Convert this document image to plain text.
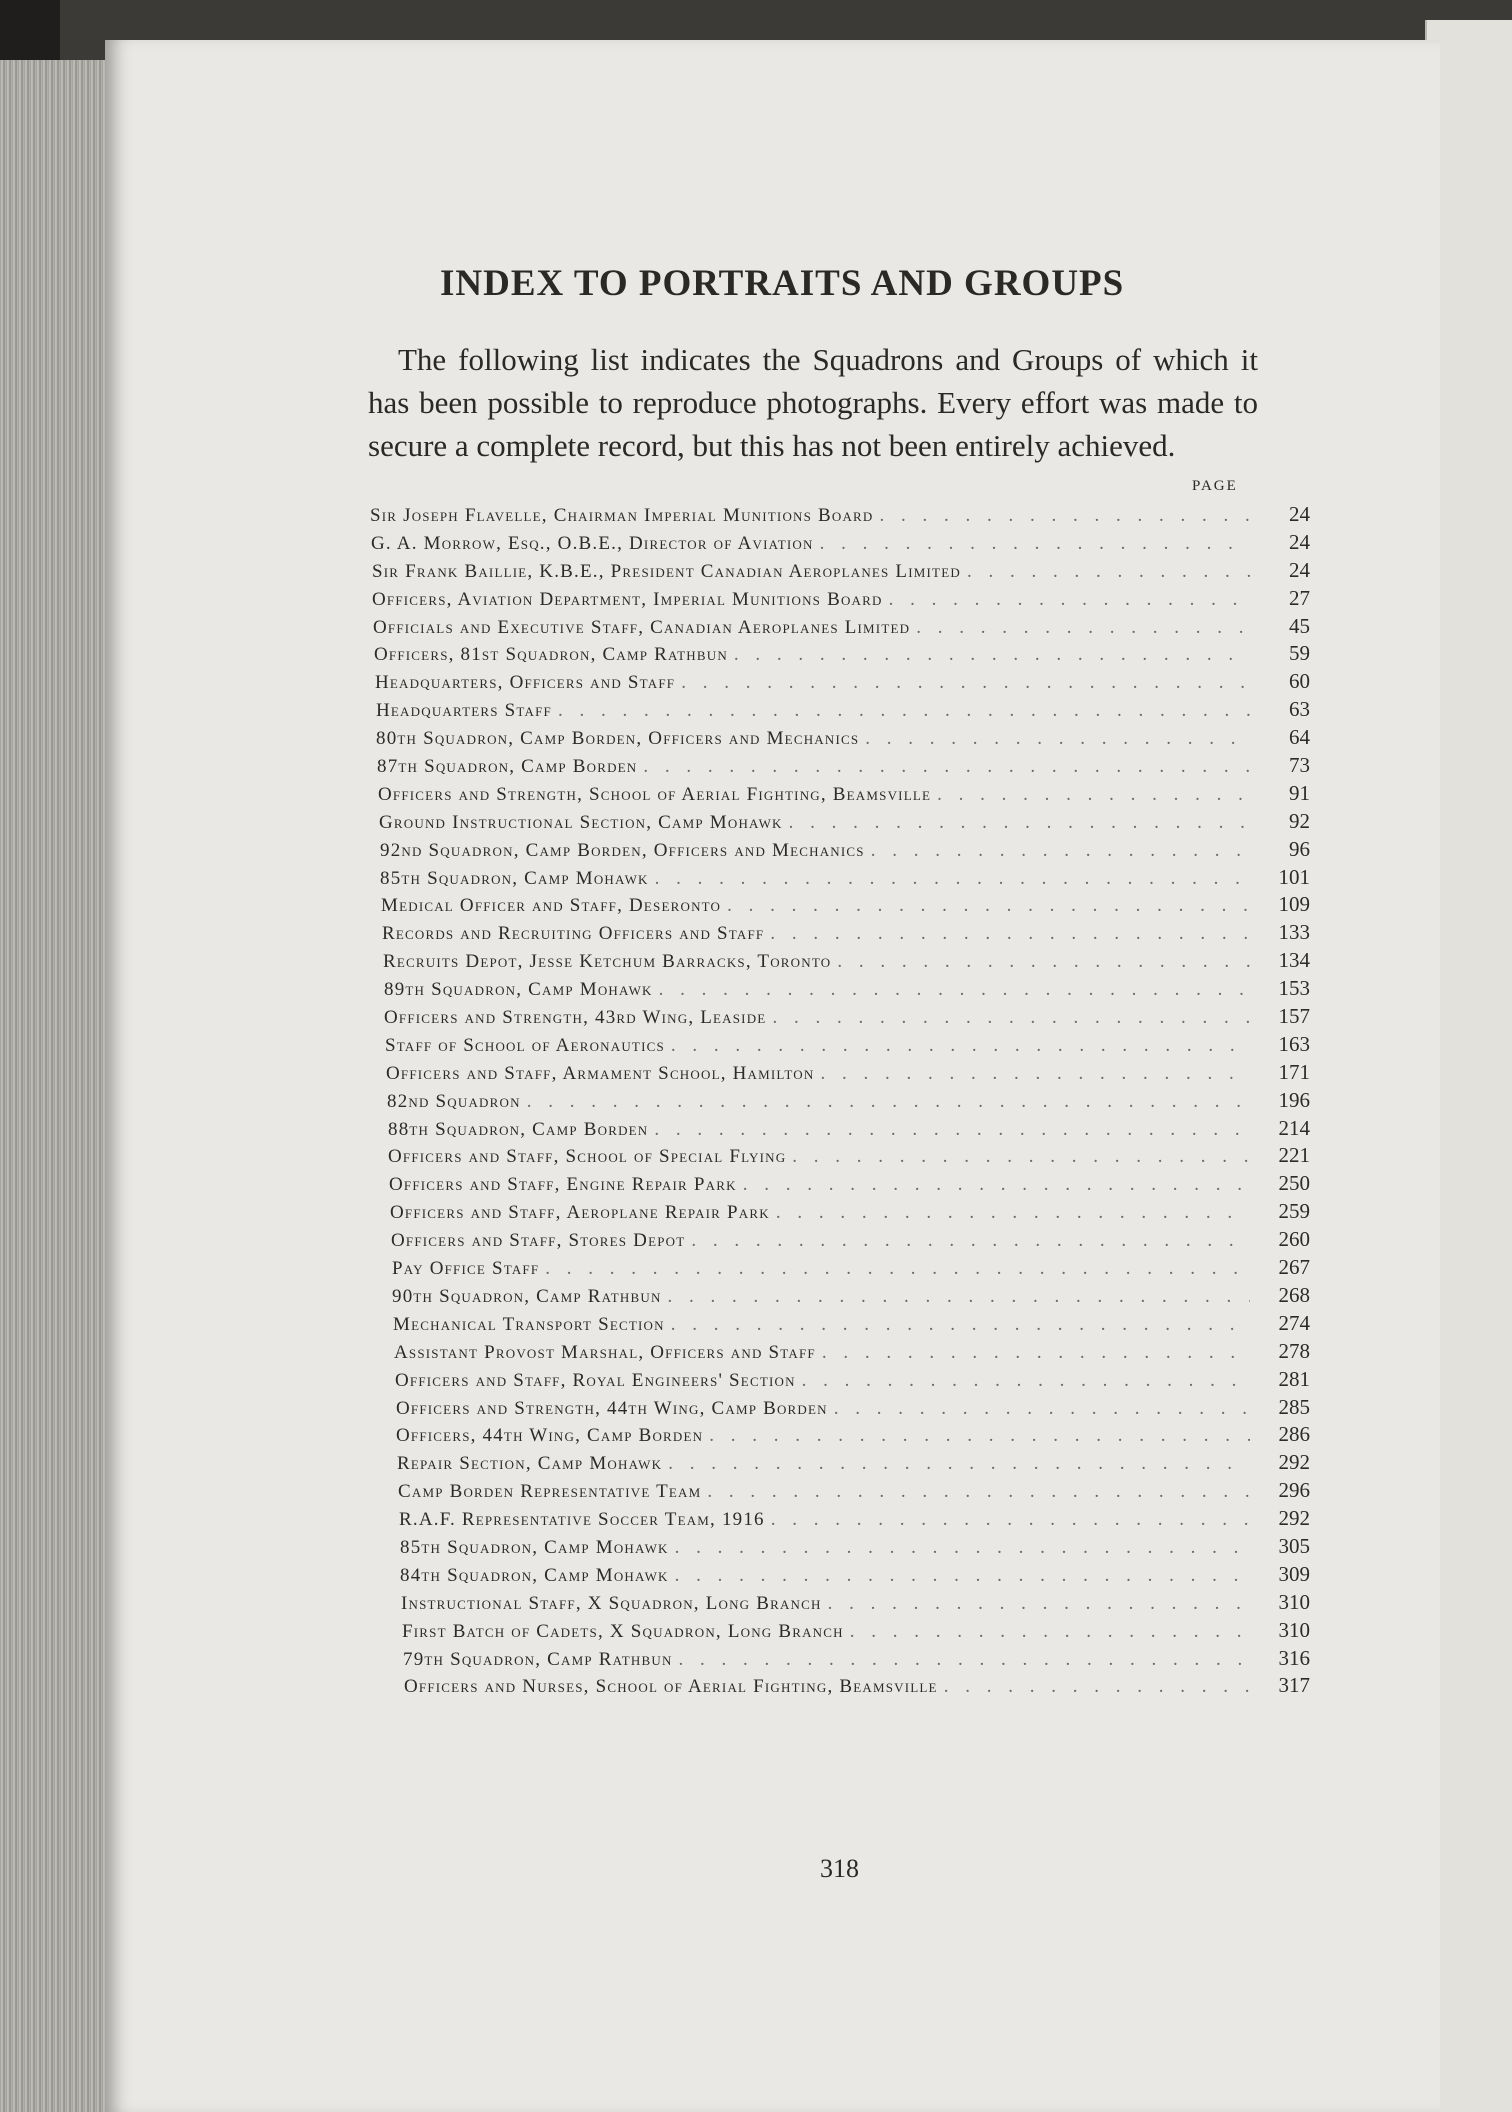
INDEX TO PORTRAITS AND GROUPS

The following list indicates the Squadrons and Groups of which it has been possible to reproduce photographs. Every effort was made to secure a complete record, but this has not been entirely achieved.

PAGE
Sir Joseph Flavelle, Chairman Imperial Munitions Board . . .	24
G. A. Morrow, Esq., O.B.E., Director of Aviation . . .	24
Sir Frank Baillie, K.B.E., President Canadian Aeroplanes Limited . . .	24
Officers, Aviation Department, Imperial Munitions Board . . .	27
Officials and Executive Staff, Canadian Aeroplanes Limited . . .	45
Officers, 81st Squadron, Camp Rathbun . . .	59
Headquarters, Officers and Staff . . .	60
Headquarters Staff . . .	63
80th Squadron, Camp Borden, Officers and Mechanics . . .	64
87th Squadron, Camp Borden . . .	73
Officers and Strength, School of Aerial Fighting, Beamsville . . .	91
Ground Instructional Section, Camp Mohawk . . .	92
92nd Squadron, Camp Borden, Officers and Mechanics . . .	96
85th Squadron, Camp Mohawk . . .	101
Medical Officer and Staff, Deseronto . . .	109
Records and Recruiting Officers and Staff . . .	133
Recruits Depot, Jesse Ketchum Barracks, Toronto . . .	134
89th Squadron, Camp Mohawk . . .	153
Officers and Strength, 43rd Wing, Leaside . . .	157
Staff of School of Aeronautics . . .	163
Officers and Staff, Armament School, Hamilton . . .	171
82nd Squadron . . .	196
88th Squadron, Camp Borden . . .	214
Officers and Staff, School of Special Flying . . .	221
Officers and Staff, Engine Repair Park . . .	250
Officers and Staff, Aeroplane Repair Park . . .	259
Officers and Staff, Stores Depot . . .	260
Pay Office Staff . . .	267
90th Squadron, Camp Rathbun . . .	268
Mechanical Transport Section . . .	274
Assistant Provost Marshal, Officers and Staff . . .	278
Officers and Staff, Royal Engineers' Section . . .	281
Officers and Strength, 44th Wing, Camp Borden . . .	285
Officers, 44th Wing, Camp Borden . . .	286
Repair Section, Camp Mohawk . . .	292
Camp Borden Representative Team . . .	296
R.A.F. Representative Soccer Team, 1916 . . .	292
85th Squadron, Camp Mohawk . . .	305
84th Squadron, Camp Mohawk . . .	309
Instructional Staff, X Squadron, Long Branch . . .	310
First Batch of Cadets, X Squadron, Long Branch . . .	310
79th Squadron, Camp Rathbun . . .	316
Officers and Nurses, School of Aerial Fighting, Beamsville . . .	317
318
